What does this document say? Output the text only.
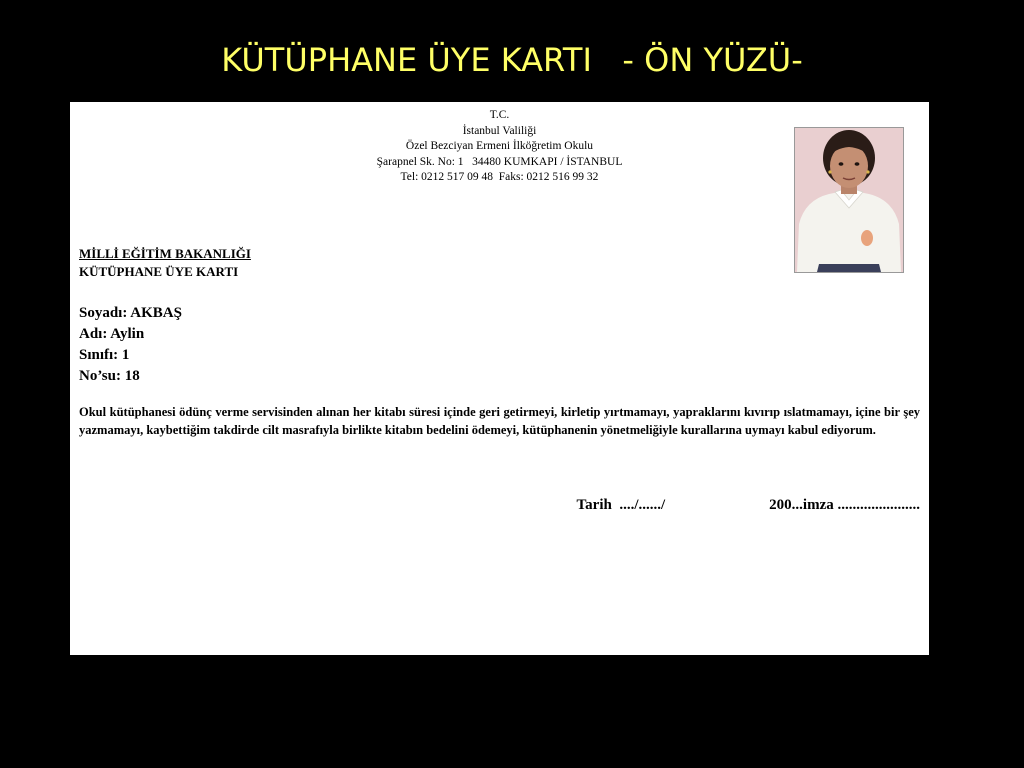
KÜTÜPHANE ÜYE KARTI   - ÖN YÜZÜ-
T.C.
İstanbul Valiliği
Özel Bezciyan Ermeni İlköğretim Okulu
Şarapnel Sk. No: 1   34480 KUMKAPI / İSTANBUL
Tel: 0212 517 09 48  Faks: 0212 516 99 32
MİLLİ EĞİTİM BAKANLIĞI
KÜTÜPHANE ÜYE KARTI
Soyadı: AKBAŞ
Adı: Aylin
Sınıfı: 1
No’su: 18
Okul kütüphanesi ödünç verme servisinden alınan her kitabı süresi içinde geri getirmeyi, kirletip yırtmamayı, yapraklarını kıvırıp ıslatmamayı, içine bir şey yazmamayı, kaybettiğim takdirde cilt masrafıyla birlikte kitabın bedelini ödemeyi, kütüphanenin yönetmeliğiyle kurallarına uymayı kabul ediyorum.
Tarih  ..../....../	200...imza ......................
